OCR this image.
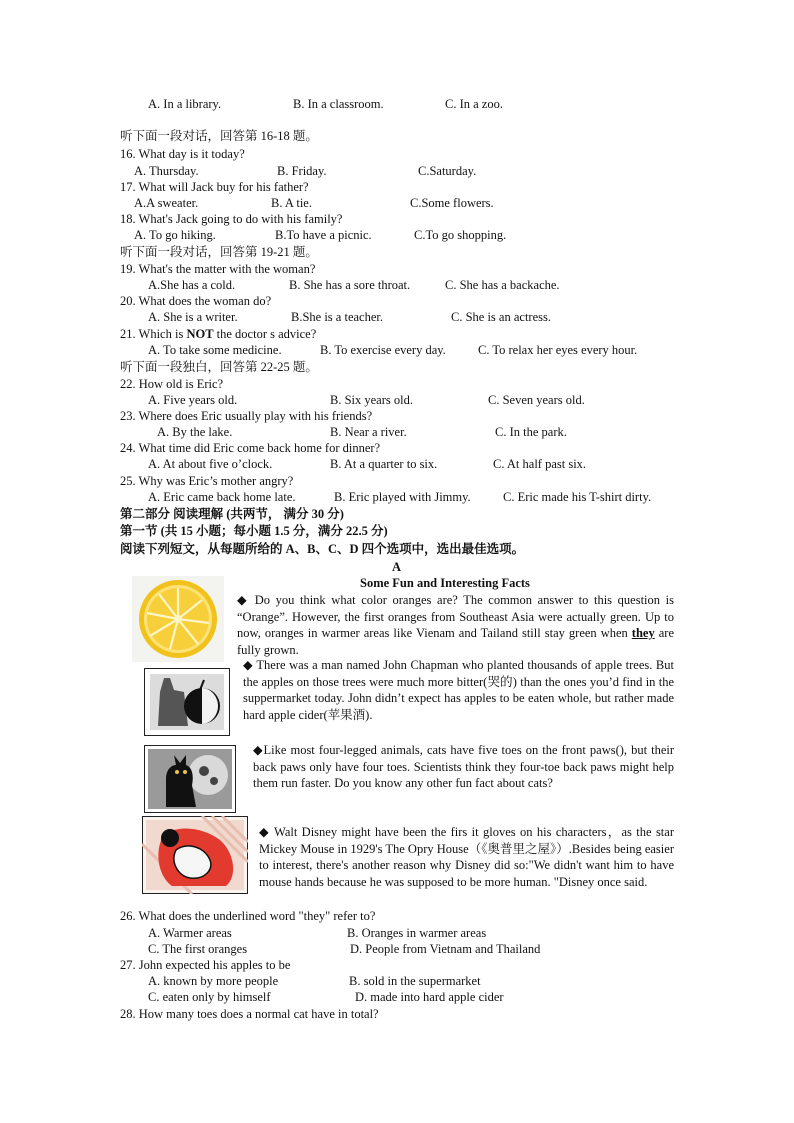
A. In a library.	B. In a classroom.	C. In a zoo.
听下面一段对话，回答第 16-18 题。
16. What day is it today?
A. Thursday.	B. Friday.	C.Saturday.
17. What will Jack buy for his father?
A.A sweater.	B. A tie.	C.Some flowers.
18. What's Jack going to do with his family?
A. To go hiking.	B.To have a picnic.	C.To go shopping.
听下面一段对话，回答第 19-21 题。
19. What's the matter with the woman?
A.She has a cold.	B. She has a sore throat.	C. She has a backache.
20. What does the woman do?
A. She is a writer.	B.She is a teacher.	C. She is an actress.
21. Which is NOT the doctor s advice?
A. To take some medicine.	B. To exercise every day.	C. To relax her eyes every hour.
听下面一段独白，回答第 22-25 题。
22. How old is Eric?
A. Five years old.	B. Six years old.	C. Seven years old.
23. Where does Eric usually play with his friends?
A. By the lake.	B. Near a river.	C. In the park.
24. What time did Eric come back home for dinner?
A. At about five o’clock.	B. At a quarter to six.	C. At half past six.
25. Why was Eric’s mother angry?
A. Eric came back home late.	B. Eric played with Jimmy.	C. Eric made his T-shirt dirty.
第二部分 阅读理解 (共两节， 满分 30 分)
第一节 (共 15 小题；每小题 1.5 分，满分 22.5 分)
阅读下列短文，从每题所给的 A、B、C、D 四个选项中，选出最佳选项。
A
Some Fun and Interesting Facts
◆ Do you think what color oranges are? The common answer to this question is “Orange”. However, the first oranges from Southeast Asia were actually green. Up to now, oranges in warmer areas like Vienam and Tailand still stay green when they are fully grown.
◆ There was a man named John Chapman who planted thousands of apple trees. But the apples on those trees were much more bitter(哭的) than the ones you’d find in the suppermarket today. John didn’t expect has apples to be eaten whole, but rather made hard apple cider(苹果酒).
◆Like most four-legged animals, cats have five toes on the front paws(), but their back paws only have four toes. Scientists think they four-toe back paws might help them run faster. Do you know any other fun fact about cats?
◆ Walt Disney might have been the firs it gloves on his characters，as the star Mickey Mouse in 1929's The Opry House（《奥普里之屋》）.Besides being easier to interest, there's another reason why Disney did so:"We didn't want him to have mouse hands because he was supposed to be more human. "Disney once said.
26. What does the underlined word "they" refer to?
A. Warmer areas	B. Oranges in warmer areas
C. The first oranges	D. People from Vietnam and Thailand
27. John expected his apples to be
A. known by more people	B. sold in the supermarket
C. eaten only by himself	D. made into hard apple cider
28. How many toes does a normal cat have in total?
